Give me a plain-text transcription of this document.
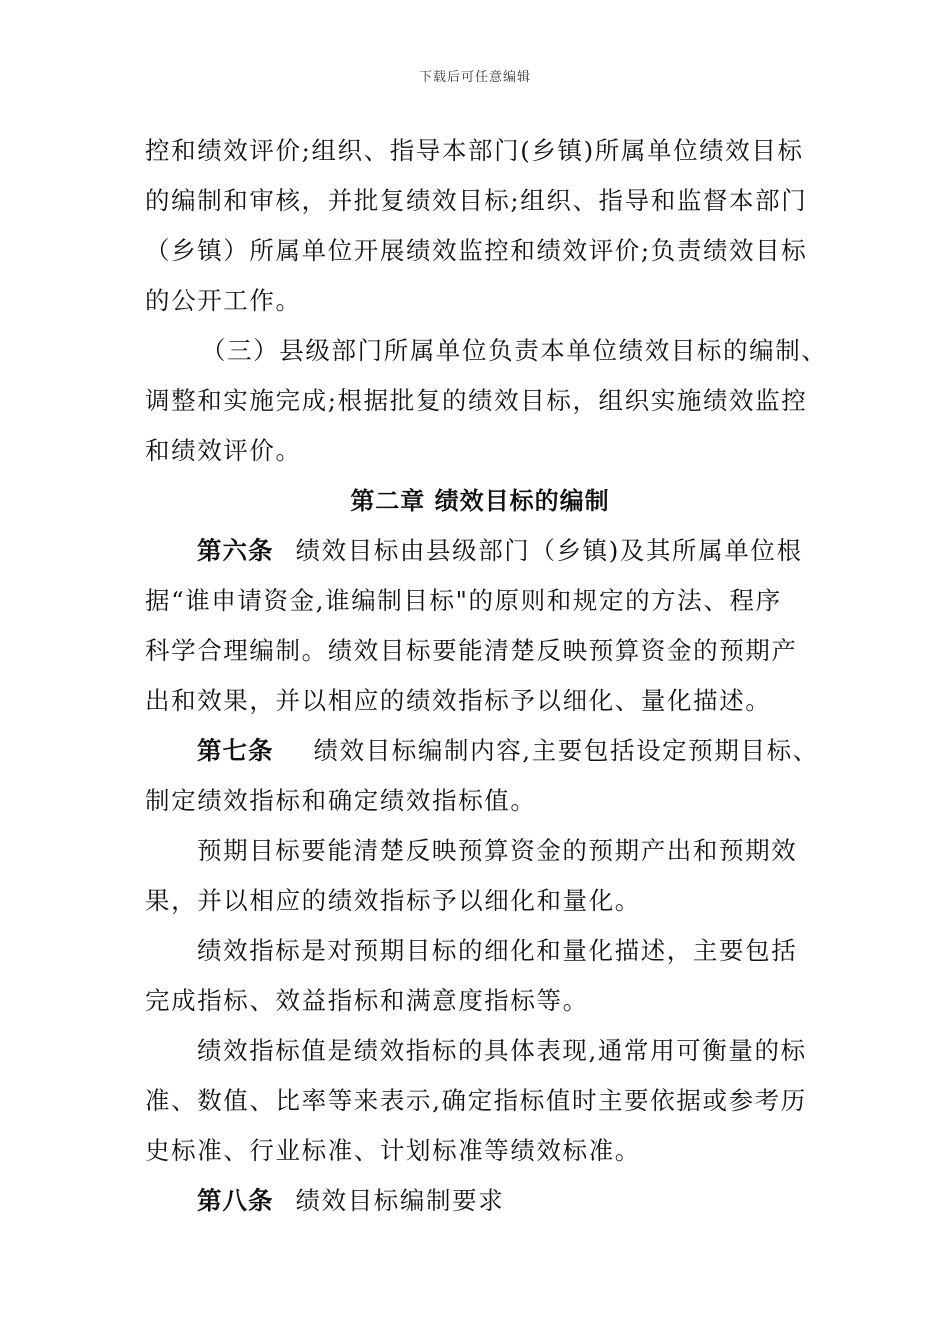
下载后可任意编辑
控和绩效评价;组织、指导本部门(乡镇)所属单位绩效目标
的编制和审核，并批复绩效目标;组织、指导和监督本部门
（乡镇）所属单位开展绩效监控和绩效评价;负责绩效目标
的公开工作。
（三）县级部门所属单位负责本单位绩效目标的编制、
调整和实施完成;根据批复的绩效目标，组织实施绩效监控
和绩效评价。
第二章 绩效目标的编制
第六条 绩效目标由县级部门（乡镇)及其所属单位根
据“谁申请资金,谁编制目标"的原则和规定的方法、程序
科学合理编制。绩效目标要能清楚反映预算资金的预期产
出和效果，并以相应的绩效指标予以细化、量化描述。
第七条 绩效目标编制内容,主要包括设定预期目标、
制定绩效指标和确定绩效指标值。
预期目标要能清楚反映预算资金的预期产出和预期效
果，并以相应的绩效指标予以细化和量化。
绩效指标是对预期目标的细化和量化描述，主要包括
完成指标、效益指标和满意度指标等。
绩效指标值是绩效指标的具体表现,通常用可衡量的标
准、数值、比率等来表示,确定指标值时主要依据或参考历
史标准、行业标准、计划标准等绩效标准。
第八条 绩效目标编制要求
